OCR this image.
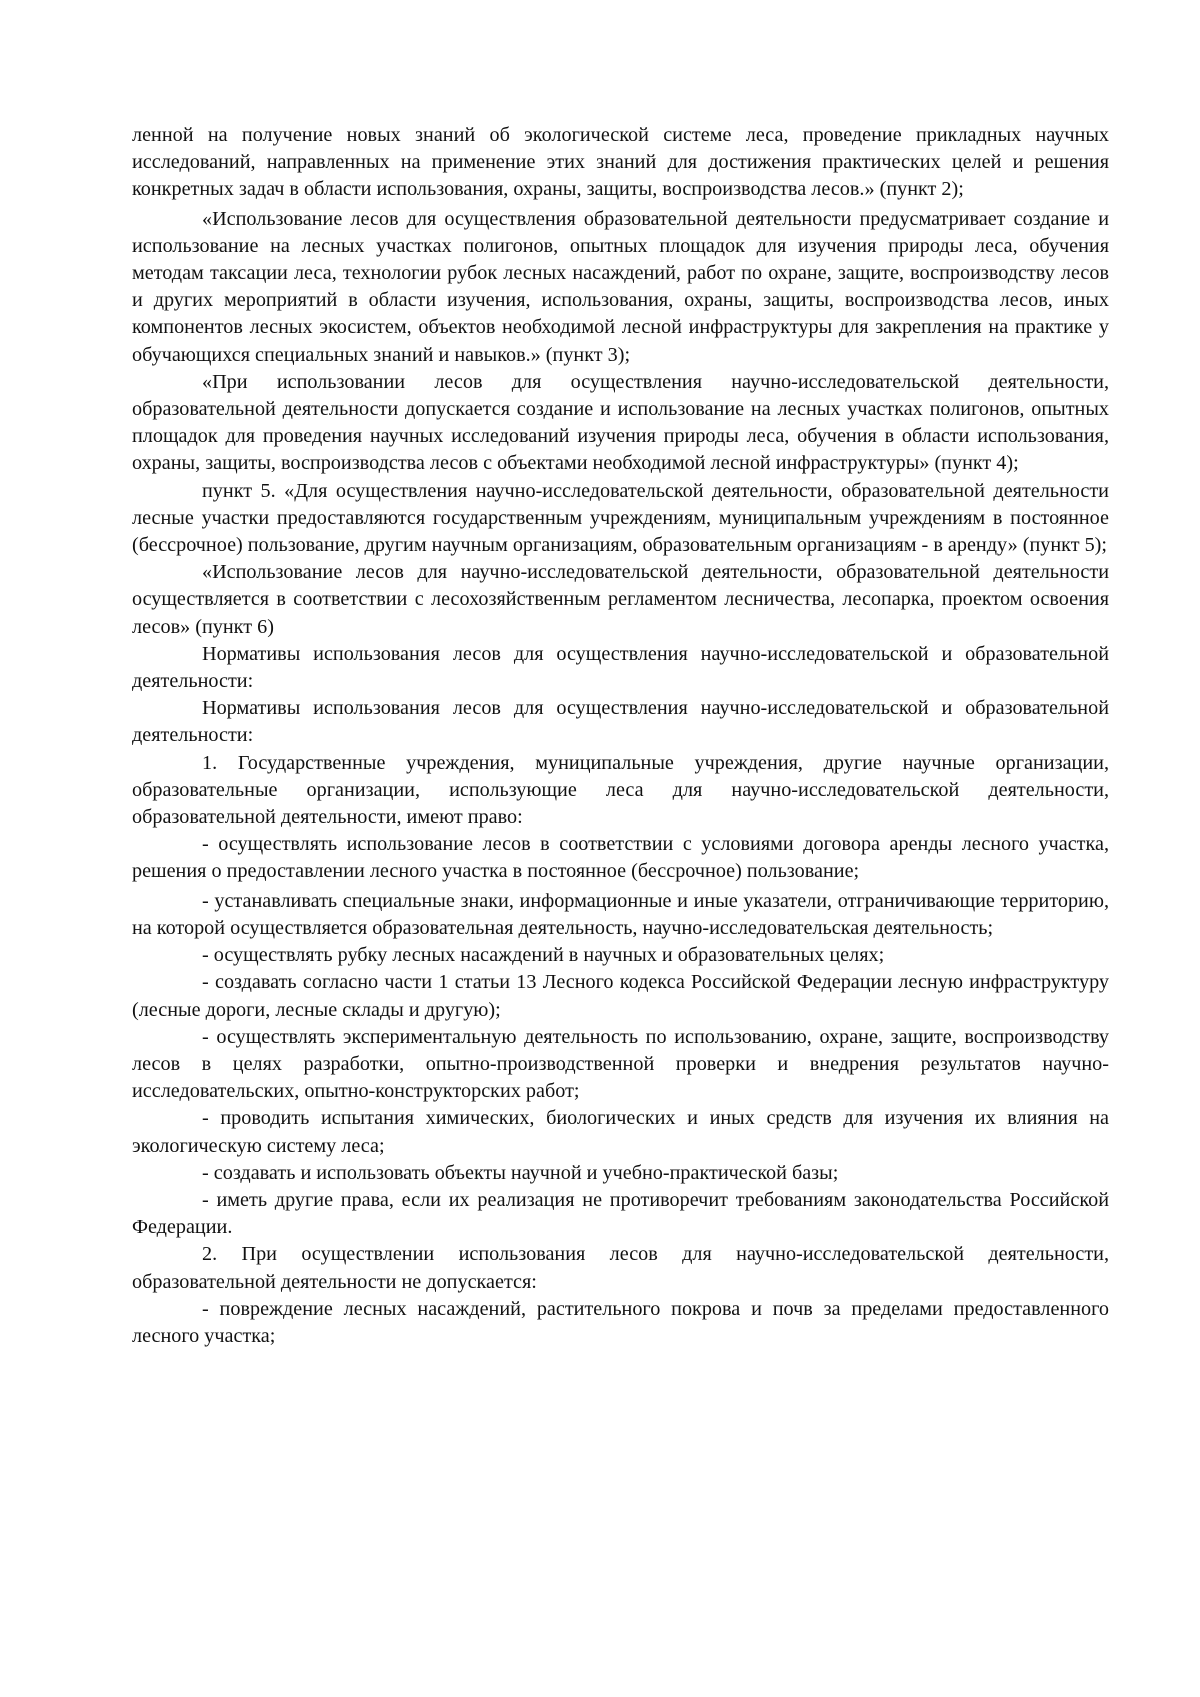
ленной на получение новых знаний об экологической системе леса, проведение прикладных научных исследований, направленных на применение этих знаний для достижения практических целей и решения конкретных задач в области использования, охраны, защиты, воспроизводства лесов.» (пункт 2);

«Использование лесов для осуществления образовательной деятельности предусматривает создание и использование на лесных участках полигонов, опытных площадок для изучения природы леса, обучения методам таксации леса, технологии рубок лесных насаждений, работ по охране, защите, воспроизводству лесов и других мероприятий в области изучения, использования, охраны, защиты, воспроизводства лесов, иных компонентов лесных экосистем, объектов необходимой лесной инфраструктуры для закрепления на практике у обучающихся специальных знаний и навыков.» (пункт 3);

«При использовании лесов для осуществления научно-исследовательской деятельности, образовательной деятельности допускается создание и использование на лесных участках полигонов, опытных площадок для проведения научных исследований изучения природы леса, обучения в области использования, охраны, защиты, воспроизводства лесов с объектами необходимой лесной инфраструктуры» (пункт 4);

пункт 5. «Для осуществления научно-исследовательской деятельности, образовательной деятельности лесные участки предоставляются государственным учреждениям, муниципальным учреждениям в постоянное (бессрочное) пользование, другим научным организациям, образовательным организациям - в аренду» (пункт 5);

«Использование лесов для научно-исследовательской деятельности, образовательной деятельности осуществляется в соответствии с лесохозяйственным регламентом лесничества, лесопарка, проектом освоения лесов» (пункт 6)

Нормативы использования лесов для осуществления научно-исследовательской и образовательной деятельности:

Нормативы использования лесов для осуществления научно-исследовательской и образовательной деятельности:

1. Государственные учреждения, муниципальные учреждения, другие научные организации, образовательные организации, использующие леса для научно-исследовательской деятельности, образовательной деятельности, имеют право:

- осуществлять использование лесов в соответствии с условиями договора аренды лесного участка, решения о предоставлении лесного участка в постоянное (бессрочное) пользование;

- устанавливать специальные знаки, информационные и иные указатели, отграничивающие территорию, на которой осуществляется образовательная деятельность, научно-исследовательская деятельность;

- осуществлять рубку лесных насаждений в научных и образовательных целях;

- создавать согласно части 1 статьи 13 Лесного кодекса Российской Федерации лесную инфраструктуру (лесные дороги, лесные склады и другую);

- осуществлять экспериментальную деятельность по использованию, охране, защите, воспроизводству лесов в целях разработки, опытно-производственной проверки и внедрения результатов научно-исследовательских, опытно-конструкторских работ;

- проводить испытания химических, биологических и иных средств для изучения их влияния на экологическую систему леса;

- создавать и использовать объекты научной и учебно-практической базы;

- иметь другие права, если их реализация не противоречит требованиям законодательства Российской Федерации.

2. При осуществлении использования лесов для научно-исследовательской деятельности, образовательной деятельности не допускается:

- повреждение лесных насаждений, растительного покрова и почв за пределами предоставленного лесного участка;
